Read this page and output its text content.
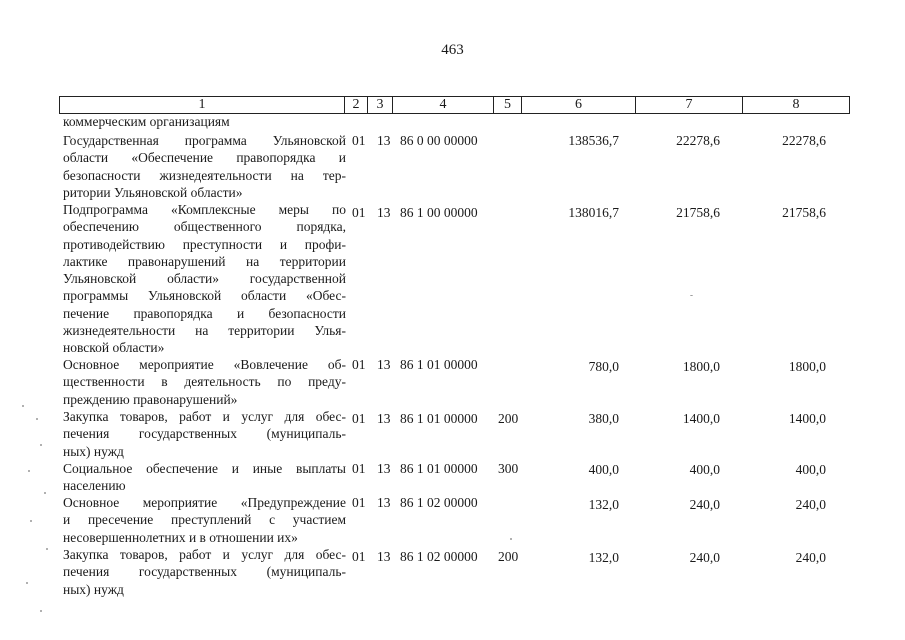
463
1	2	3	4	5	6	7	8
коммерческим организациям
Государственная программа Ульяновской
области «Обеспечение правопорядка и
безопасности жизнедеятельности на тер-
ритории Ульяновской области»
01 13 86 0 00 00000	138536,7	22278,6	22278,6
Подпрограмма «Комплексные меры по
обеспечению общественного порядка,
противодействию преступности и профи-
лактике правонарушений на территории
Ульяновской области» государственной
программы Ульяновской области «Обес-
печение правопорядка и безопасности
жизнедеятельности на территории Улья-
новской области»
01 13 86 1 00 00000	138016,7	21758,6	21758,6
Основное мероприятие «Вовлечение об-
щественности в деятельность по преду-
преждению правонарушений»
01 13 86 1 01 00000	780,0	1800,0	1800,0
Закупка товаров, работ и услуг для обес-
печения государственных (муниципаль-
ных) нужд
01 13 86 1 01 00000 200	380,0	1400,0	1400,0
Социальное обеспечение и иные выплаты
населению
01 13 86 1 01 00000 300	400,0	400,0	400,0
Основное мероприятие «Предупреждение
и пресечение преступлений с участием
несовершеннолетних и в отношении их»
01 13 86 1 02 00000	132,0	240,0	240,0
Закупка товаров, работ и услуг для обес-
печения государственных (муниципаль-
ных) нужд
01 13 86 1 02 00000 200	132,0	240,0	240,0
